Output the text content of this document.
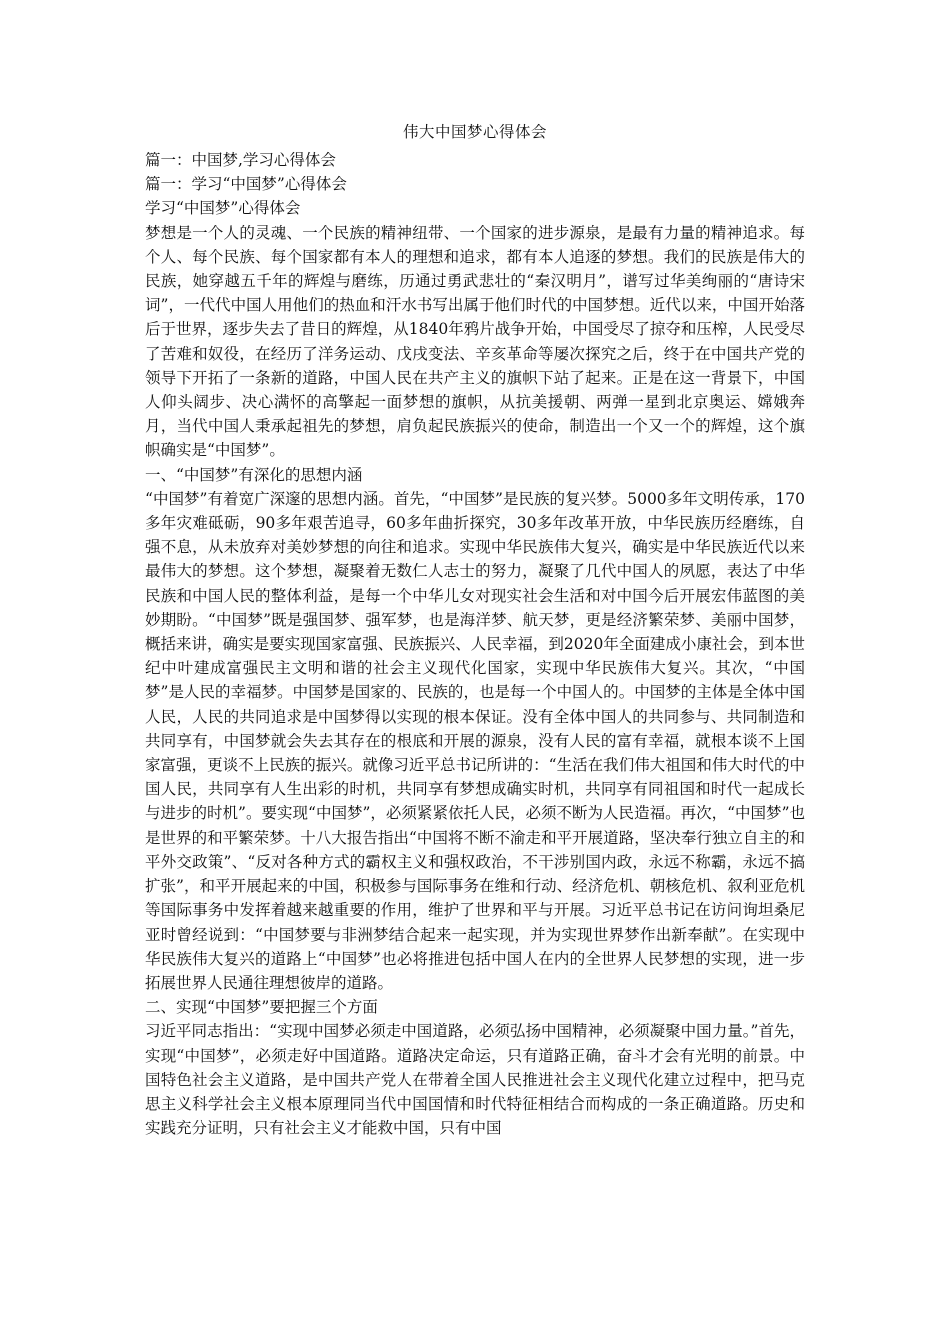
伟大中国梦心得体会

篇一：中国梦,学习心得体会

篇一：学习“中国梦”心得体会

学习“中国梦”心得体会

梦想是一个人的灵魂、一个民族的精神纽带、一个国家的进步源泉，是最有力量的精神追求。每个人、每个民族、每个国家都有本人的理想和追求，都有本人追逐的梦想。我们的民族是伟大的民族，她穿越五千年的辉煌与磨练，历通过勇武悲壮的“秦汉明月”，谱写过华美绚丽的“唐诗宋词”，一代代中国人用他们的热血和汗水书写出属于他们时代的中国梦想。近代以来，中国开始落后于世界，逐步失去了昔日的辉煌，从1840年鸦片战争开始，中国受尽了掠夺和压榨，人民受尽了苦难和奴役，在经历了洋务运动、戊戌变法、辛亥革命等屡次探究之后，终于在中国共产党的领导下开拓了一条新的道路，中国人民在共产主义的旗帜下站了起来。正是在这一背景下，中国人仰头阔步、决心满怀的高擎起一面梦想的旗帜，从抗美援朝、两弹一星到北京奥运、嫦娥奔月，当代中国人秉承起祖先的梦想，肩负起民族振兴的使命，制造出一个又一个的辉煌，这个旗帜确实是“中国梦”。

一、“中国梦”有深化的思想内涵

“中国梦”有着宽广深邃的思想内涵。首先，“中国梦”是民族的复兴梦。5000多年文明传承，170多年灾难砥砺，90多年艰苦追寻，60多年曲折探究，30多年改革开放，中华民族历经磨练，自强不息，从未放弃对美妙梦想的向往和追求。实现中华民族伟大复兴，确实是中华民族近代以来最伟大的梦想。这个梦想，凝聚着无数仁人志士的努力，凝聚了几代中国人的夙愿，表达了中华民族和中国人民的整体利益，是每一个中华儿女对现实社会生活和对中国今后开展宏伟蓝图的美妙期盼。“中国梦”既是强国梦、强军梦，也是海洋梦、航天梦，更是经济繁荣梦、美丽中国梦，概括来讲，确实是要实现国家富强、民族振兴、人民幸福，到2020年全面建成小康社会，到本世纪中叶建成富强民主文明和谐的社会主义现代化国家，实现中华民族伟大复兴。其次，“中国梦”是人民的幸福梦。中国梦是国家的、民族的，也是每一个中国人的。中国梦的主体是全体中国人民，人民的共同追求是中国梦得以实现的根本保证。没有全体中国人的共同参与、共同制造和共同享有，中国梦就会失去其存在的根底和开展的源泉，没有人民的富有幸福，就根本谈不上国家富强，更谈不上民族的振兴。就像习近平总书记所讲的：“生活在我们伟大祖国和伟大时代的中国人民，共同享有人生出彩的时机，共同享有梦想成确实时机，共同享有同祖国和时代一起成长与进步的时机”。要实现“中国梦”，必须紧紧依托人民，必须不断为人民造福。再次，“中国梦”也是世界的和平繁荣梦。十八大报告指出“中国将不断不渝走和平开展道路，坚决奉行独立自主的和平外交政策”、“反对各种方式的霸权主义和强权政治，不干涉别国内政，永远不称霸，永远不搞扩张”，和平开展起来的中国，积极参与国际事务在维和行动、经济危机、朝核危机、叙利亚危机等国际事务中发挥着越来越重要的作用，维护了世界和平与开展。习近平总书记在访问询坦桑尼亚时曾经说到：“中国梦要与非洲梦结合起来一起实现，并为实现世界梦作出新奉献”。在实现中华民族伟大复兴的道路上“中国梦”也必将推进包括中国人在内的全世界人民梦想的实现，进一步拓展世界人民通往理想彼岸的道路。

二、实现“中国梦”要把握三个方面

习近平同志指出：“实现中国梦必须走中国道路，必须弘扬中国精神，必须凝聚中国力量。”首先，实现“中国梦”，必须走好中国道路。道路决定命运，只有道路正确，奋斗才会有光明的前景。中国特色社会主义道路，是中国共产党人在带着全国人民推进社会主义现代化建立过程中，把马克思主义科学社会主义根本原理同当代中国国情和时代特征相结合而构成的一条正确道路。历史和实践充分证明，只有社会主义才能救中国，只有中国
